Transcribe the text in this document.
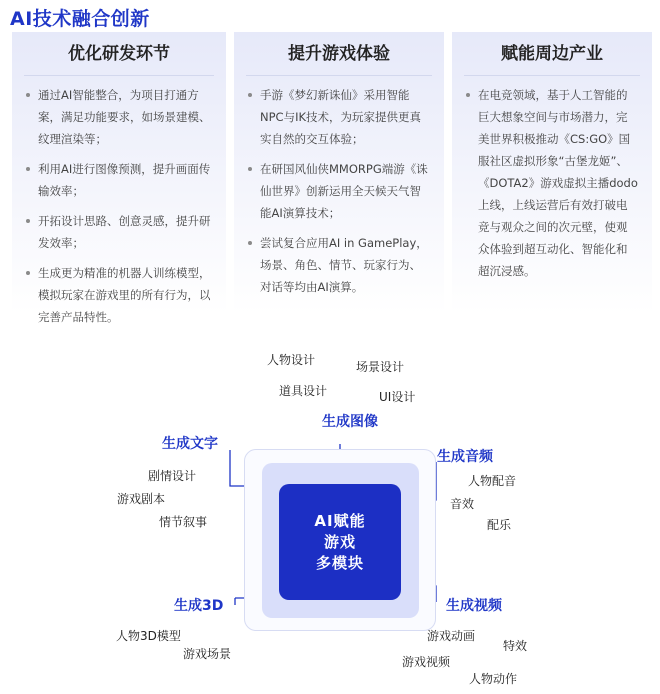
AI技术融合创新
优化研发环节
通过AI智能整合，为项目打通方案，满足功能要求，如场景建模、纹理渲染等；
利用AI进行图像预测，提升画面传输效率；
开拓设计思路、创意灵感，提升研发效率；
生成更为精准的机器人训练模型，模拟玩家在游戏里的所有行为，以完善产品特性。
提升游戏体验
手游《梦幻新诛仙》采用智能NPC与IK技术，为玩家提供更真实自然的交互体验；
在研国风仙侠MMORPG端游《诛仙世界》创新运用全天候天气智能AI演算技术；
尝试复合应用AI in GamePlay，场景、角色、情节、玩家行为、对话等均由AI演算。
赋能周边产业
在电竞领域，基于人工智能的巨大想象空间与市场潜力，完美世界积极推动《CS:GO》国服社区虚拟形象“古堡龙姬”、《DOTA2》游戏虚拟主播dodo上线，上线运营后有效打破电竞与观众之间的次元壁，使观众体验到超互动化、智能化和超沉浸感。
AI赋能
游戏
多模块
生成图像
人物设计	场景设计
道具设计	UI设计
生成文字
剧情设计
游戏剧本
情节叙事
生成音频
人物配音
音效
配乐
生成3D
人物3D模型
游戏场景
生成视频
游戏动画
特效
游戏视频
人物动作
